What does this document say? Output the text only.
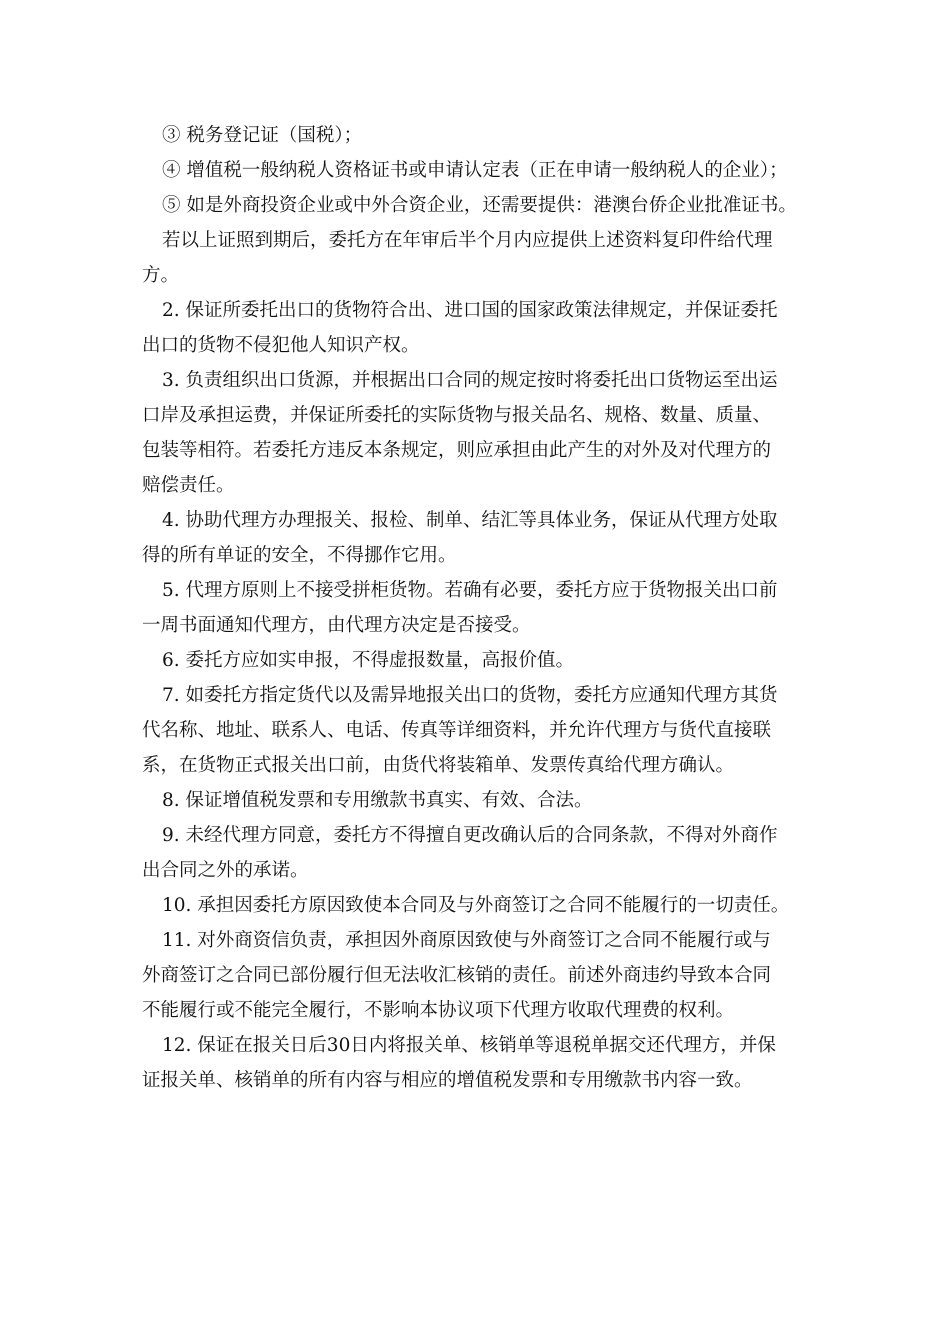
③ 税务登记证（国税）；
④ 增值税一般纳税人资格证书或申请认定表（正在申请一般纳税人的企业）；
⑤ 如是外商投资企业或中外合资企业，还需要提供：港澳台侨企业批准证书。
若以上证照到期后，委托方在年审后半个月内应提供上述资料复印件给代理
方。
2. 保证所委托出口的货物符合出、进口国的国家政策法律规定，并保证委托
出口的货物不侵犯他人知识产权。
3. 负责组织出口货源，并根据出口合同的规定按时将委托出口货物运至出运
口岸及承担运费，并保证所委托的实际货物与报关品名、规格、数量、质量、
包装等相符。若委托方违反本条规定，则应承担由此产生的对外及对代理方的
赔偿责任。
4. 协助代理方办理报关、报检、制单、结汇等具体业务，保证从代理方处取
得的所有单证的安全，不得挪作它用。
5. 代理方原则上不接受拼柜货物。若确有必要，委托方应于货物报关出口前
一周书面通知代理方，由代理方决定是否接受。
6. 委托方应如实申报，不得虚报数量，高报价值。
7. 如委托方指定货代以及需异地报关出口的货物，委托方应通知代理方其货
代名称、地址、联系人、电话、传真等详细资料，并允许代理方与货代直接联
系，在货物正式报关出口前，由货代将装箱单、发票传真给代理方确认。
8. 保证增值税发票和专用缴款书真实、有效、合法。
9. 未经代理方同意，委托方不得擅自更改确认后的合同条款，不得对外商作
出合同之外的承诺。
10. 承担因委托方原因致使本合同及与外商签订之合同不能履行的一切责任。
11. 对外商资信负责，承担因外商原因致使与外商签订之合同不能履行或与
外商签订之合同已部份履行但无法收汇核销的责任。前述外商违约导致本合同
不能履行或不能完全履行，不影响本协议项下代理方收取代理费的权利。
12. 保证在报关日后30日内将报关单、核销单等退税单据交还代理方，并保
证报关单、核销单的所有内容与相应的增值税发票和专用缴款书内容一致。
